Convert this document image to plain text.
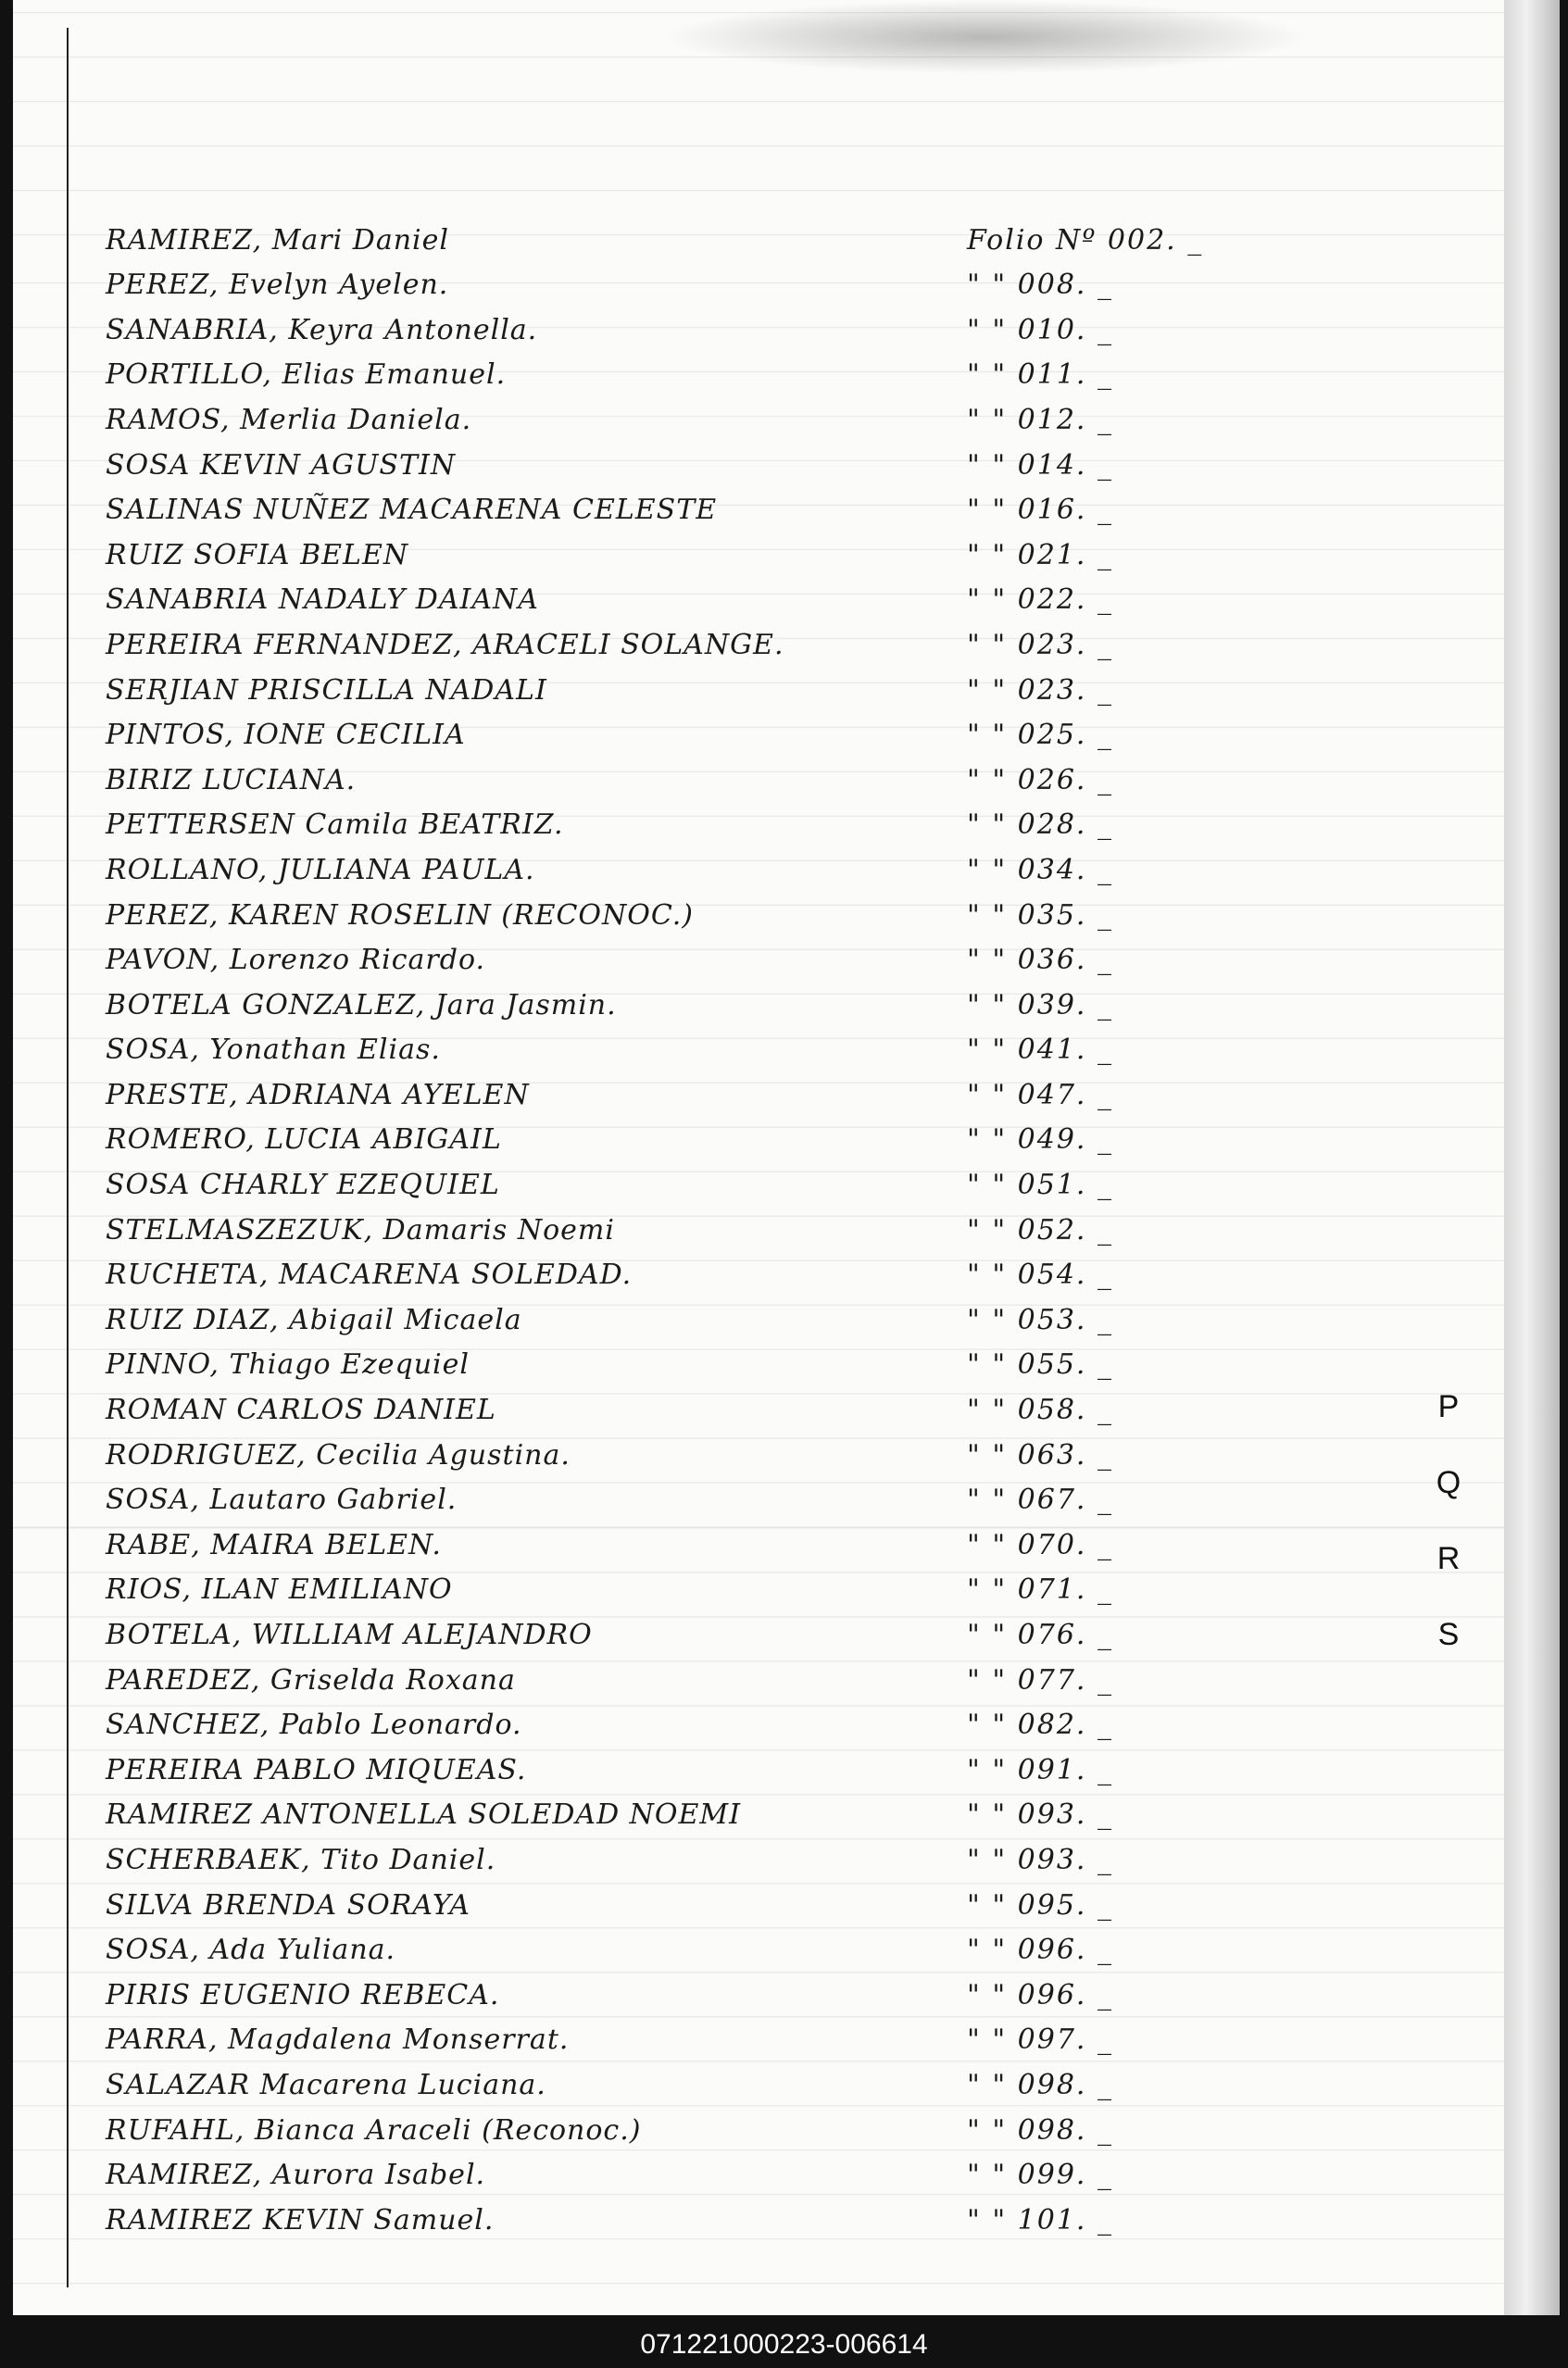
RAMIREZ, Mari Daniel	Folio Nº 002. _
PEREZ, Evelyn Ayelen.	" " 008. _
SANABRIA, Keyra Antonella.	" " 010. _
PORTILLO, Elias Emanuel.	" " 011. _
RAMOS, Merlia Daniela.	" " 012. _
SOSA KEVIN AGUSTIN	" " 014. _
SALINAS NUÑEZ MACARENA CELESTE	" " 016. _
RUIZ SOFIA BELEN	" " 021. _
SANABRIA NADALY DAIANA	" " 022. _
PEREIRA FERNANDEZ, ARACELI SOLANGE.	" " 023. _
SERJIAN PRISCILLA NADALI	" " 023. _
PINTOS, IONE CECILIA	" " 025. _
BIRIZ LUCIANA.	" " 026. _
PETTERSEN Camila BEATRIZ.	" " 028. _
ROLLANO, JULIANA PAULA.	" " 034. _
PEREZ, KAREN ROSELIN (RECONOC.)	" " 035. _
PAVON, Lorenzo Ricardo.	" " 036. _
BOTELA GONZALEZ, Jara Jasmin.	" " 039. _
SOSA, Yonathan Elias.	" " 041. _
PRESTE, ADRIANA AYELEN	" " 047. _
ROMERO, LUCIA ABIGAIL	" " 049. _
SOSA CHARLY EZEQUIEL	" " 051. _
STELMASZEZUK, Damaris Noemi	" " 052. _
RUCHETA, MACARENA SOLEDAD.	" " 054. _
RUIZ DIAZ, Abigail Micaela	" " 053. _
PINNO, Thiago Ezequiel	" " 055. _
ROMAN CARLOS DANIEL	" " 058. _
RODRIGUEZ, Cecilia Agustina.	" " 063. _
SOSA, Lautaro Gabriel.	" " 067. _
RABE, MAIRA BELEN.	" " 070. _
RIOS, ILAN EMILIANO	" " 071. _
BOTELA, WILLIAM ALEJANDRO	" " 076. _
PAREDEZ, Griselda Roxana	" " 077. _
SANCHEZ, Pablo Leonardo.	" " 082. _
PEREIRA PABLO MIQUEAS.	" " 091. _
RAMIREZ ANTONELLA SOLEDAD NOEMI	" " 093. _
SCHERBAEK, Tito Daniel.	" " 093. _
SILVA BRENDA SORAYA	" " 095. _
SOSA, Ada Yuliana.	" " 096. _
PIRIS EUGENIO REBECA.	" " 096. _
PARRA, Magdalena Monserrat.	" " 097. _
SALAZAR Macarena Luciana.	" " 098. _
RUFAHL, Bianca Araceli (Reconoc.)	" " 098. _
RAMIREZ, Aurora Isabel.	" " 099. _
RAMIREZ KEVIN Samuel.	" " 101. _
P
Q
R
S
071221000223-006614
